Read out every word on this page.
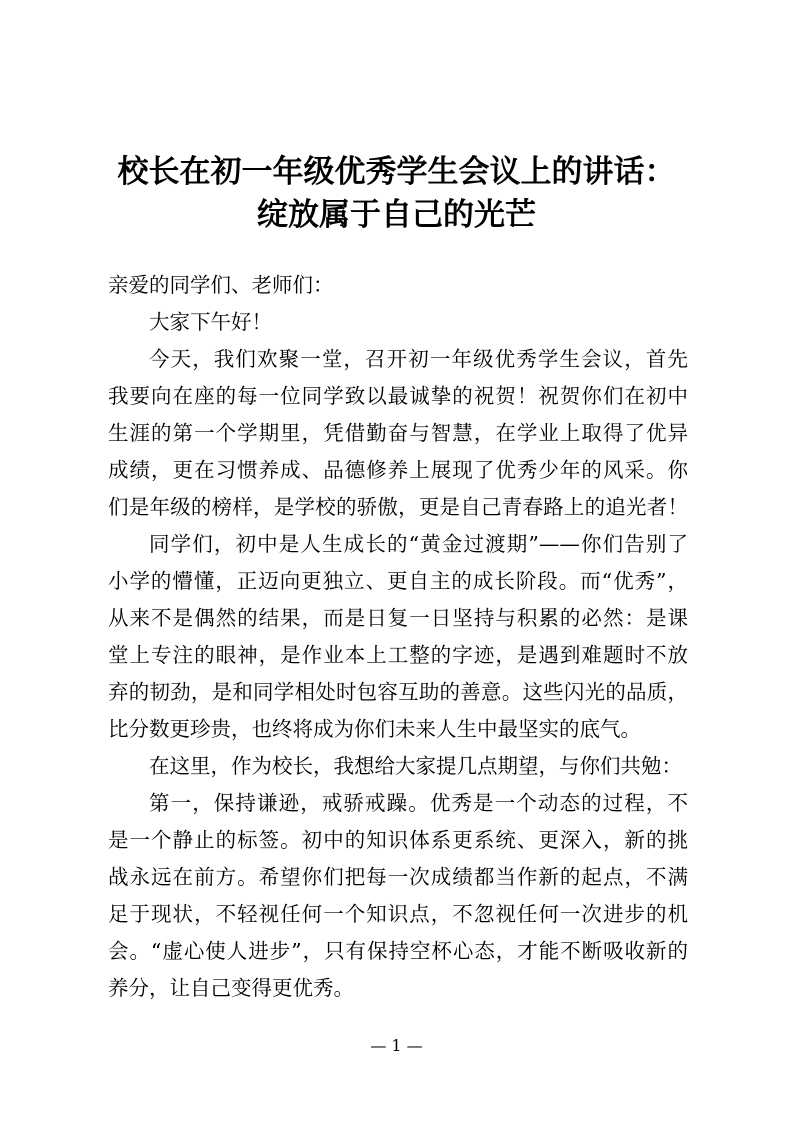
校长在初一年级优秀学生会议上的讲话：
绽放属于自己的光芒
亲爱的同学们、老师们：
大家下午好！
今天，我们欢聚一堂，召开初一年级优秀学生会议，首先
我要向在座的每一位同学致以最诚挚的祝贺！祝贺你们在初中
生涯的第一个学期里，凭借勤奋与智慧，在学业上取得了优异
成绩，更在习惯养成、品德修养上展现了优秀少年的风采。你
们是年级的榜样，是学校的骄傲，更是自己青春路上的追光者！
同学们，初中是人生成长的“黄金过渡期”——你们告别了
小学的懵懂，正迈向更独立、更自主的成长阶段。而“优秀”，
从来不是偶然的结果，而是日复一日坚持与积累的必然：是课
堂上专注的眼神，是作业本上工整的字迹，是遇到难题时不放
弃的韧劲，是和同学相处时包容互助的善意。这些闪光的品质，
比分数更珍贵，也终将成为你们未来人生中最坚实的底气。
在这里，作为校长，我想给大家提几点期望，与你们共勉：
第一，保持谦逊，戒骄戒躁。优秀是一个动态的过程，不
是一个静止的标签。初中的知识体系更系统、更深入，新的挑
战永远在前方。希望你们把每一次成绩都当作新的起点，不满
足于现状，不轻视任何一个知识点，不忽视任何一次进步的机
会。“虚心使人进步”，只有保持空杯心态，才能不断吸收新的
养分，让自己变得更优秀。
— 1 —
